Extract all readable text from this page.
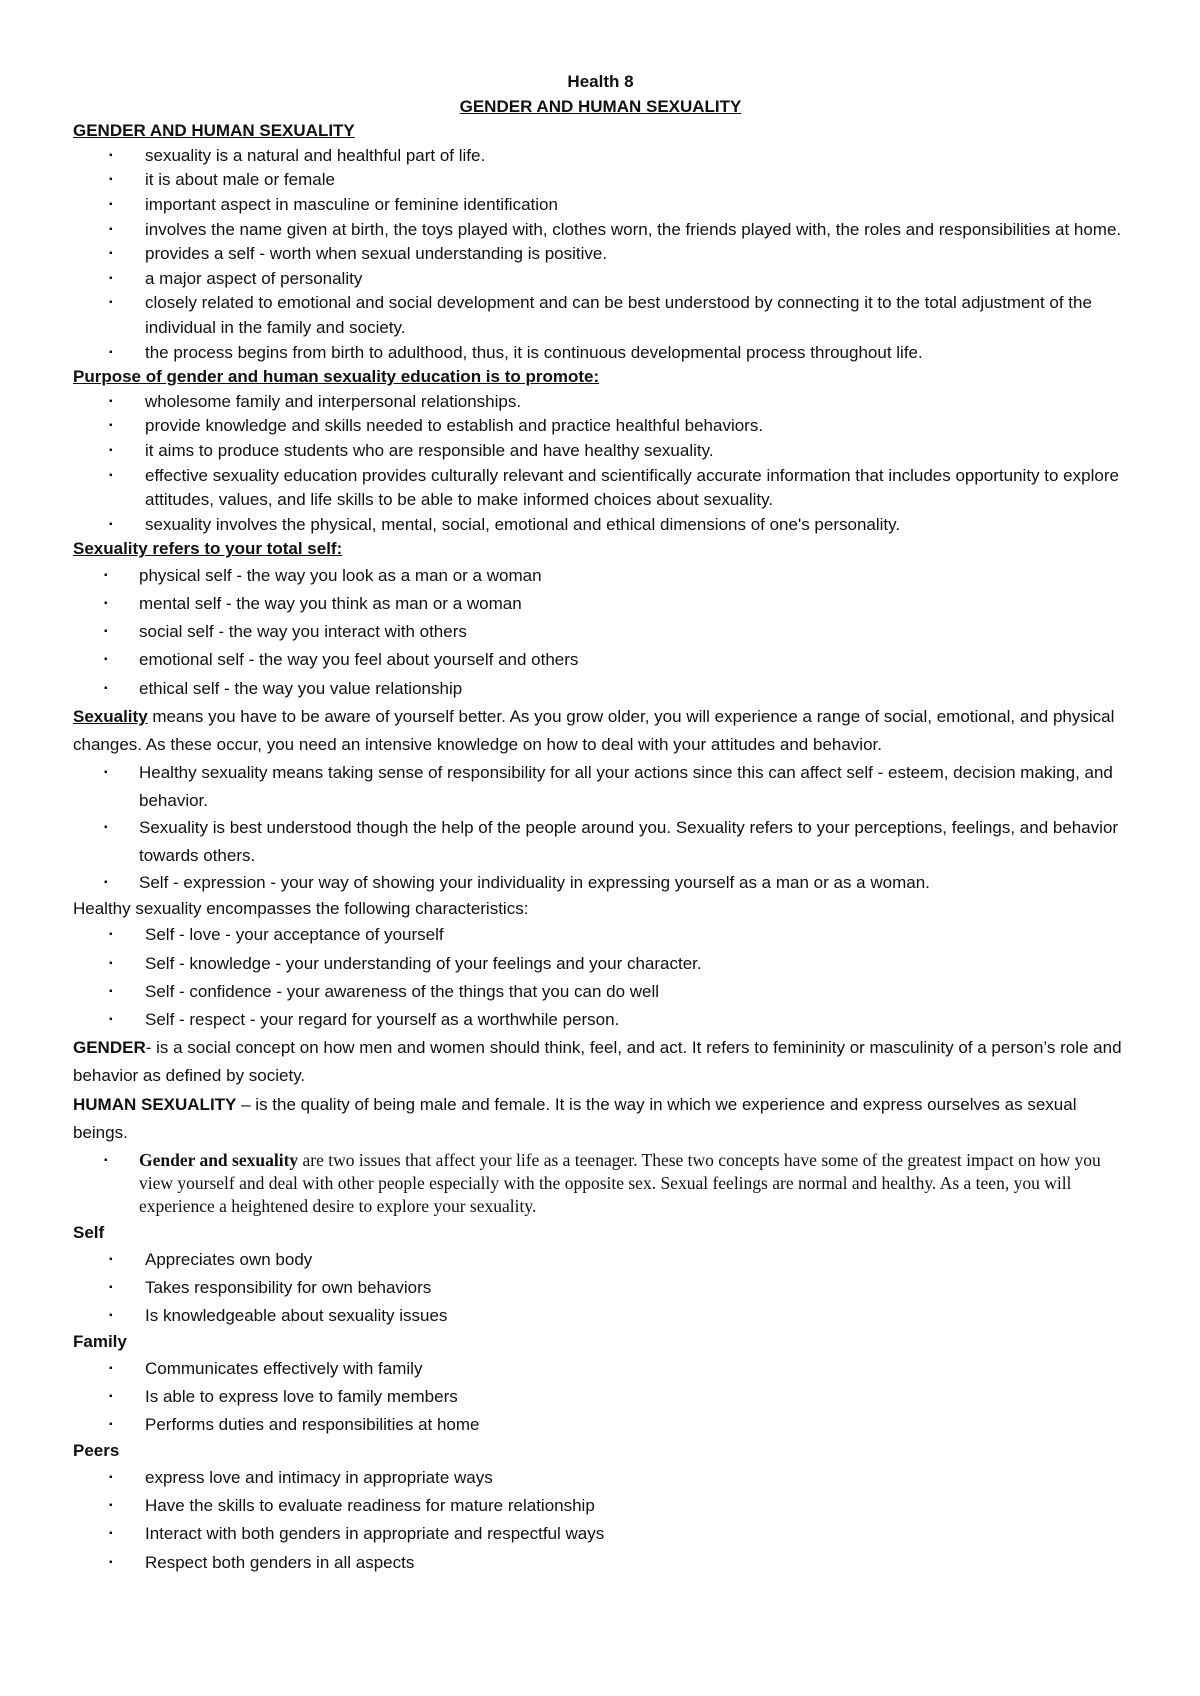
Health 8
GENDER AND HUMAN SEXUALITY
GENDER AND HUMAN SEXUALITY
▪ sexuality is a natural and healthful part of life.
▪ it is about male or female
▪ important aspect in masculine or feminine identification
▪ involves the name given at birth, the toys played with, clothes worn, the friends played with, the roles and responsibilities at home.
▪ provides a self - worth when sexual understanding is positive.
▪ a major aspect of personality
▪ closely related to emotional and social development and can be best understood by connecting it to the total adjustment of the individual in the family and society.
▪ the process begins from birth to adulthood, thus, it is continuous developmental process throughout life.
Purpose of gender and human sexuality education is to promote:
▪ wholesome family and interpersonal relationships.
▪ provide knowledge and skills needed to establish and practice healthful behaviors.
▪ it aims to produce students who are responsible and have healthy sexuality.
▪ effective sexuality education provides culturally relevant and scientifically accurate information that includes opportunity to explore attitudes, values, and life skills to be able to make informed choices about sexuality.
▪ sexuality involves the physical, mental, social, emotional and ethical dimensions of one's personality.
Sexuality refers to your total self:
▪ physical self - the way you look as a man or a woman
▪ mental self - the way you think as man or a woman
▪ social self - the way you interact with others
▪ emotional self - the way you feel about yourself and others
▪ ethical self - the way you value relationship

Sexuality means you have to be aware of yourself better. As you grow older, you will experience a range of social, emotional, and physical changes. As these occur, you need an intensive knowledge on how to deal with your attitudes and behavior.

▪ Healthy sexuality means taking sense of responsibility for all your actions since this can affect self - esteem, decision making, and behavior.
▪ Sexuality is best understood though the help of the people around you. Sexuality refers to your perceptions, feelings, and behavior towards others.
▪ Self - expression - your way of showing your individuality in expressing yourself as a man or as a woman.

Healthy sexuality encompasses the following characteristics:

▪ Self - love - your acceptance of yourself
▪ Self - knowledge - your understanding of your feelings and your character.
▪ Self - confidence - your awareness of the things that you can do well
▪ Self - respect - your regard for yourself as a worthwhile person.

GENDER- is a social concept on how men and women should think, feel, and act. It refers to femininity or masculinity of a person’s role and behavior as defined by society.

HUMAN SEXUALITY – is the quality of being male and female. It is the way in which we experience and express ourselves as sexual beings.

▪ Gender and sexuality are two issues that affect your life as a teenager. These two concepts have some of the greatest impact on how you view yourself and deal with other people especially with the opposite sex. Sexual feelings are normal and healthy. As a teen, you will experience a heightened desire to explore your sexuality.
Self
▪ Appreciates own body
▪ Takes responsibility for own behaviors
▪ Is knowledgeable about sexuality issues
Family
▪ Communicates effectively with family
▪ Is able to express love to family members
▪ Performs duties and responsibilities at home
Peers
▪ express love and intimacy in appropriate ways
▪ Have the skills to evaluate readiness for mature relationship
▪ Interact with both genders in appropriate and respectful ways
▪ Respect both genders in all aspects
